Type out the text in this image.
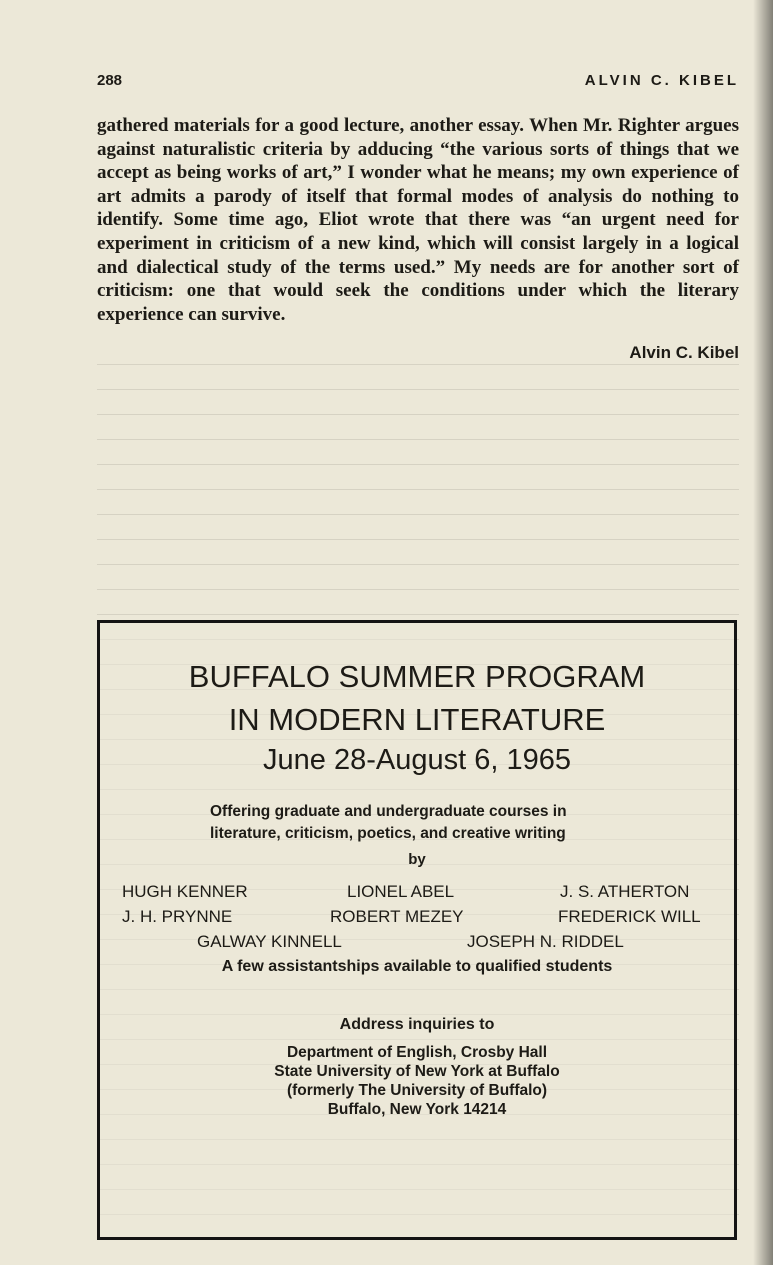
288	ALVIN C. KIBEL

gathered materials for a good lecture, another essay. When Mr. Righter argues against naturalistic criteria by adducing “the various sorts of things that we accept as being works of art,” I wonder what he means; my own experience of art admits a parody of itself that formal modes of analysis do nothing to identify. Some time ago, Eliot wrote that there was “an urgent need for experiment in criticism of a new kind, which will consist largely in a logical and dialectical study of the terms used.” My needs are for another sort of criticism: one that would seek the conditions under which the literary experience can survive.

Alvin C. Kibel
BUFFALO SUMMER PROGRAM
IN MODERN LITERATURE
June 28-August 6, 1965
Offering graduate and undergraduate courses in
literature, criticism, poetics, and creative writing
by
HUGH KENNER	LIONEL ABEL	J. S. ATHERTON
J. H. PRYNNE	ROBERT MEZEY	FREDERICK WILL
GALWAY KINNELL	JOSEPH N. RIDDEL
A few assistantships available to qualified students
Address inquiries to
Department of English, Crosby Hall
State University of New York at Buffalo
(formerly The University of Buffalo)
Buffalo, New York 14214
